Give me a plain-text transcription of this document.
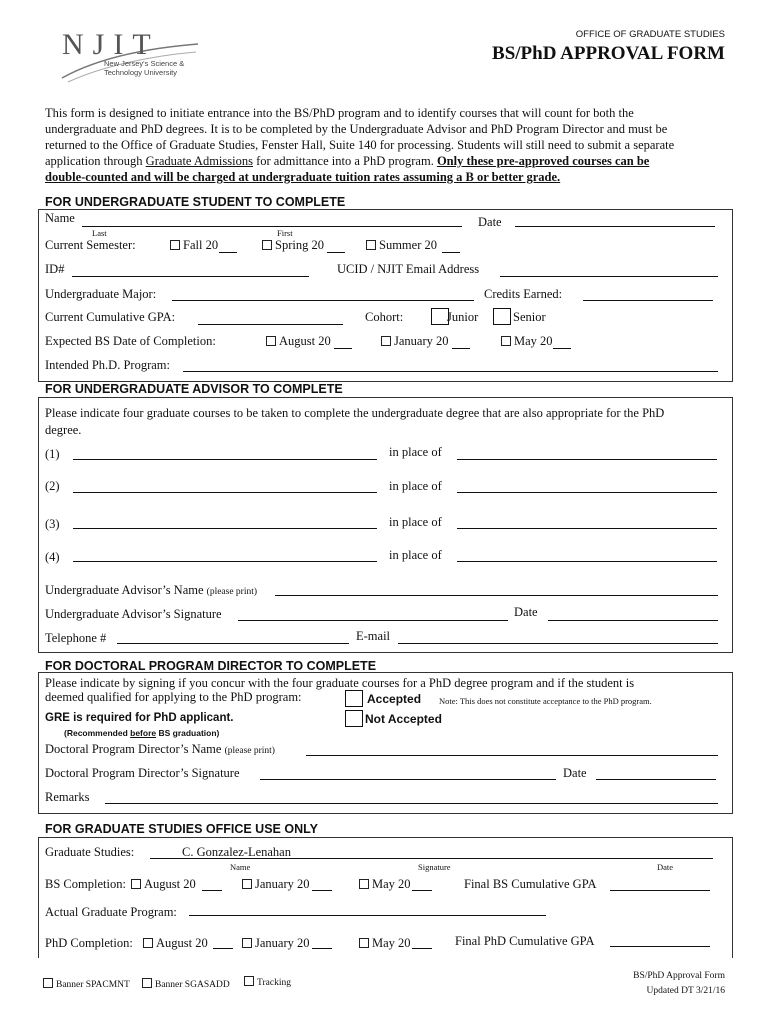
NJIT
New Jersey's Science &
Technology University
OFFICE OF GRADUATE STUDIES
BS/PhD APPROVAL FORM
This form is designed to initiate entrance into the BS/PhD program and to identify courses that will count for both the
undergraduate and PhD degrees. It is to be completed by the Undergraduate Advisor and PhD Program Director and must be
returned to the Office of Graduate Studies, Fenster Hall, Suite 140 for processing. Students will still need to submit a separate
application through Graduate Admissions for admittance into a PhD program. Only these pre-approved courses can be
double-counted and will be charged at undergraduate tuition rates assuming a B or better grade.
FOR UNDERGRADUATE STUDENT TO COMPLETE
Name
Last	First
Date
Current Semester:	Fall 20	Spring 20	Summer 20
ID#	UCID / NJIT Email Address
Undergraduate Major:	Credits Earned:
Current Cumulative GPA:	Cohort:	Junior	Senior
Expected BS Date of Completion:	August 20	January 20	May 20
Intended Ph.D. Program:
FOR UNDERGRADUATE ADVISOR TO COMPLETE
Please indicate four graduate courses to be taken to complete the undergraduate degree that are also appropriate for the PhD
degree.
(1)	in place of
(2)	in place of
(3)	in place of
(4)	in place of
Undergraduate Advisor’s Name (please print)
Undergraduate Advisor’s Signature	Date
Telephone #	E-mail
FOR DOCTORAL PROGRAM DIRECTOR TO COMPLETE
Please indicate by signing if you concur with the four graduate courses for a PhD degree program and if the student is
deemed qualified for applying to the PhD program:	Accepted Note: This does not constitute acceptance to the PhD program.
GRE is required for PhD applicant.	Not Accepted
(Recommended before BS graduation)
Doctoral Program Director’s Name (please print)
Doctoral Program Director’s Signature	Date
Remarks
FOR GRADUATE STUDIES OFFICE USE ONLY
Graduate Studies:	C. Gonzalez-Lenahan
Name	Signature	Date
BS Completion:	August 20	January 20	May 20	Final BS Cumulative GPA
Actual Graduate Program:
PhD Completion:	August 20	January 20	May 20	Final PhD Cumulative GPA
Banner SPACMNT	Banner SGASADD	Tracking
BS/PhD Approval Form
Updated DT 3/21/16
